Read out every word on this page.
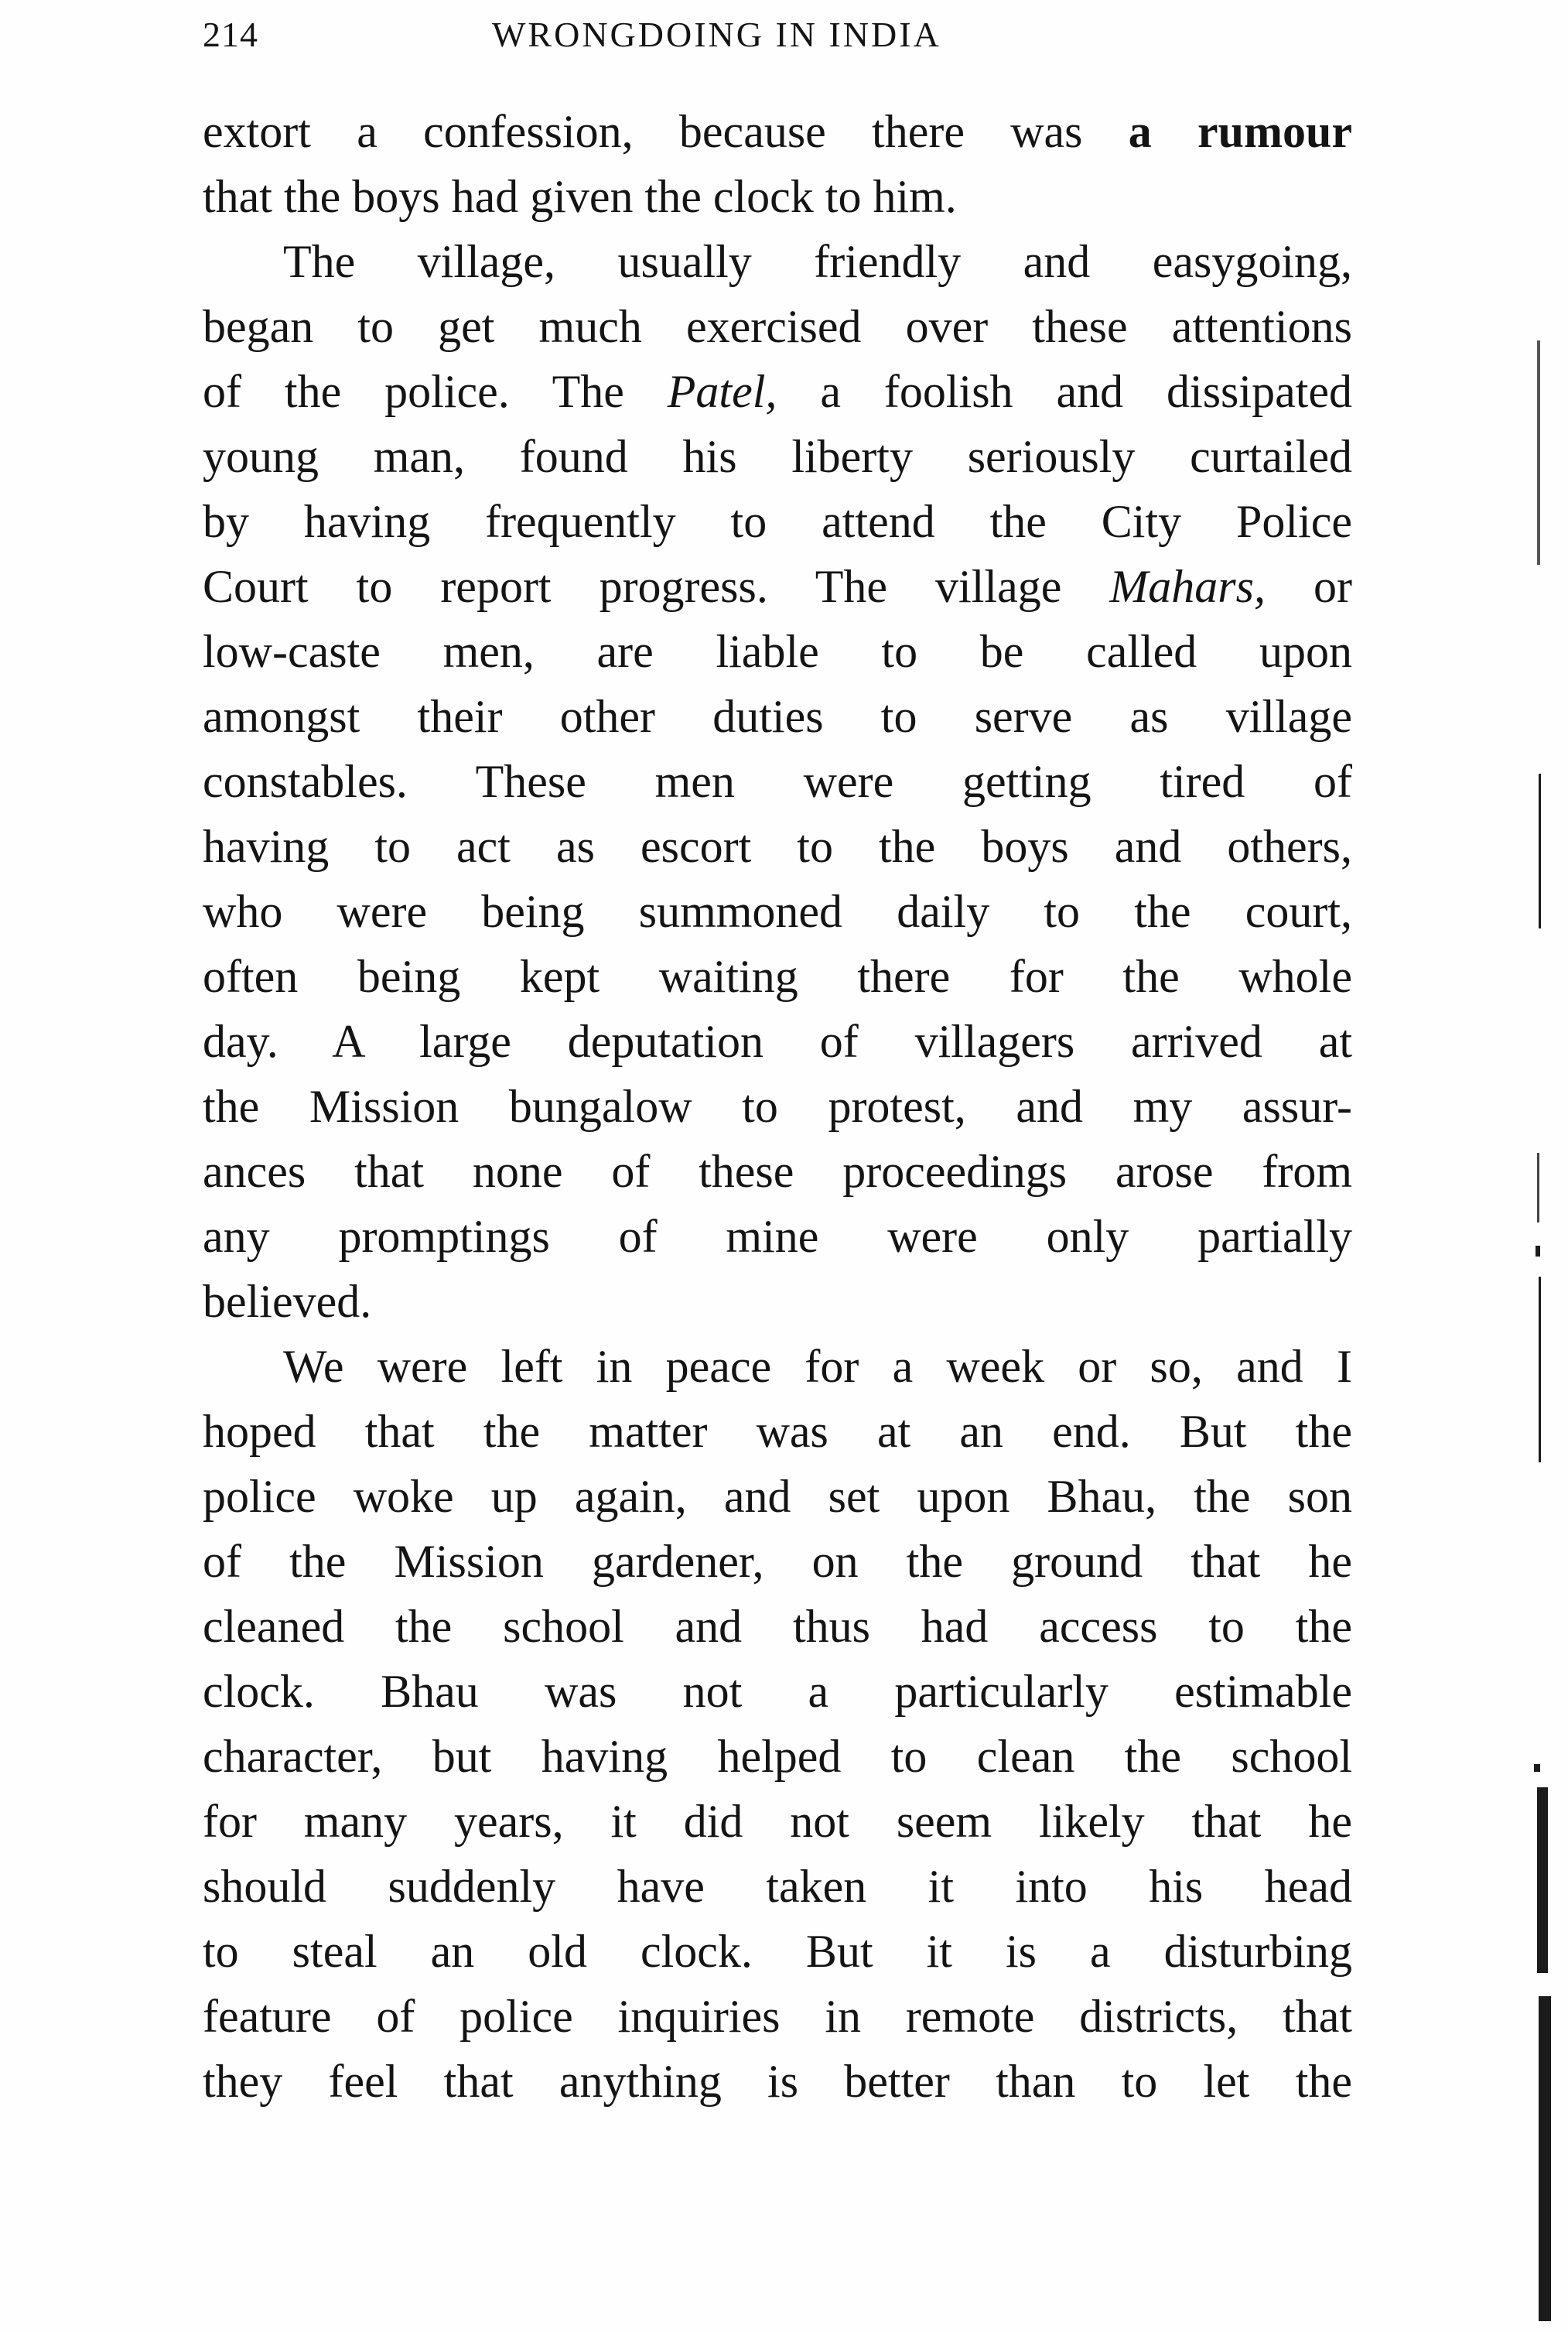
214	WRONGDOING IN INDIA
extort a confession, because there was a rumour
that the boys had given the clock to him.
The village, usually friendly and easygoing,
began to get much exercised over these attentions
of the police. The Patel, a foolish and dissipated
young man, found his liberty seriously curtailed
by having frequently to attend the City Police
Court to report progress. The village Mahars, or
low-caste men, are liable to be called upon
amongst their other duties to serve as village
constables. These men were getting tired of
having to act as escort to the boys and others,
who were being summoned daily to the court,
often being kept waiting there for the whole
day. A large deputation of villagers arrived at
the Mission bungalow to protest, and my assur-
ances that none of these proceedings arose from
any promptings of mine were only partially
believed.
We were left in peace for a week or so, and I
hoped that the matter was at an end. But the
police woke up again, and set upon Bhau, the son
of the Mission gardener, on the ground that he
cleaned the school and thus had access to the
clock. Bhau was not a particularly estimable
character, but having helped to clean the school
for many years, it did not seem likely that he
should suddenly have taken it into his head
to steal an old clock. But it is a disturbing
feature of police inquiries in remote districts, that
they feel that anything is better than to let the
